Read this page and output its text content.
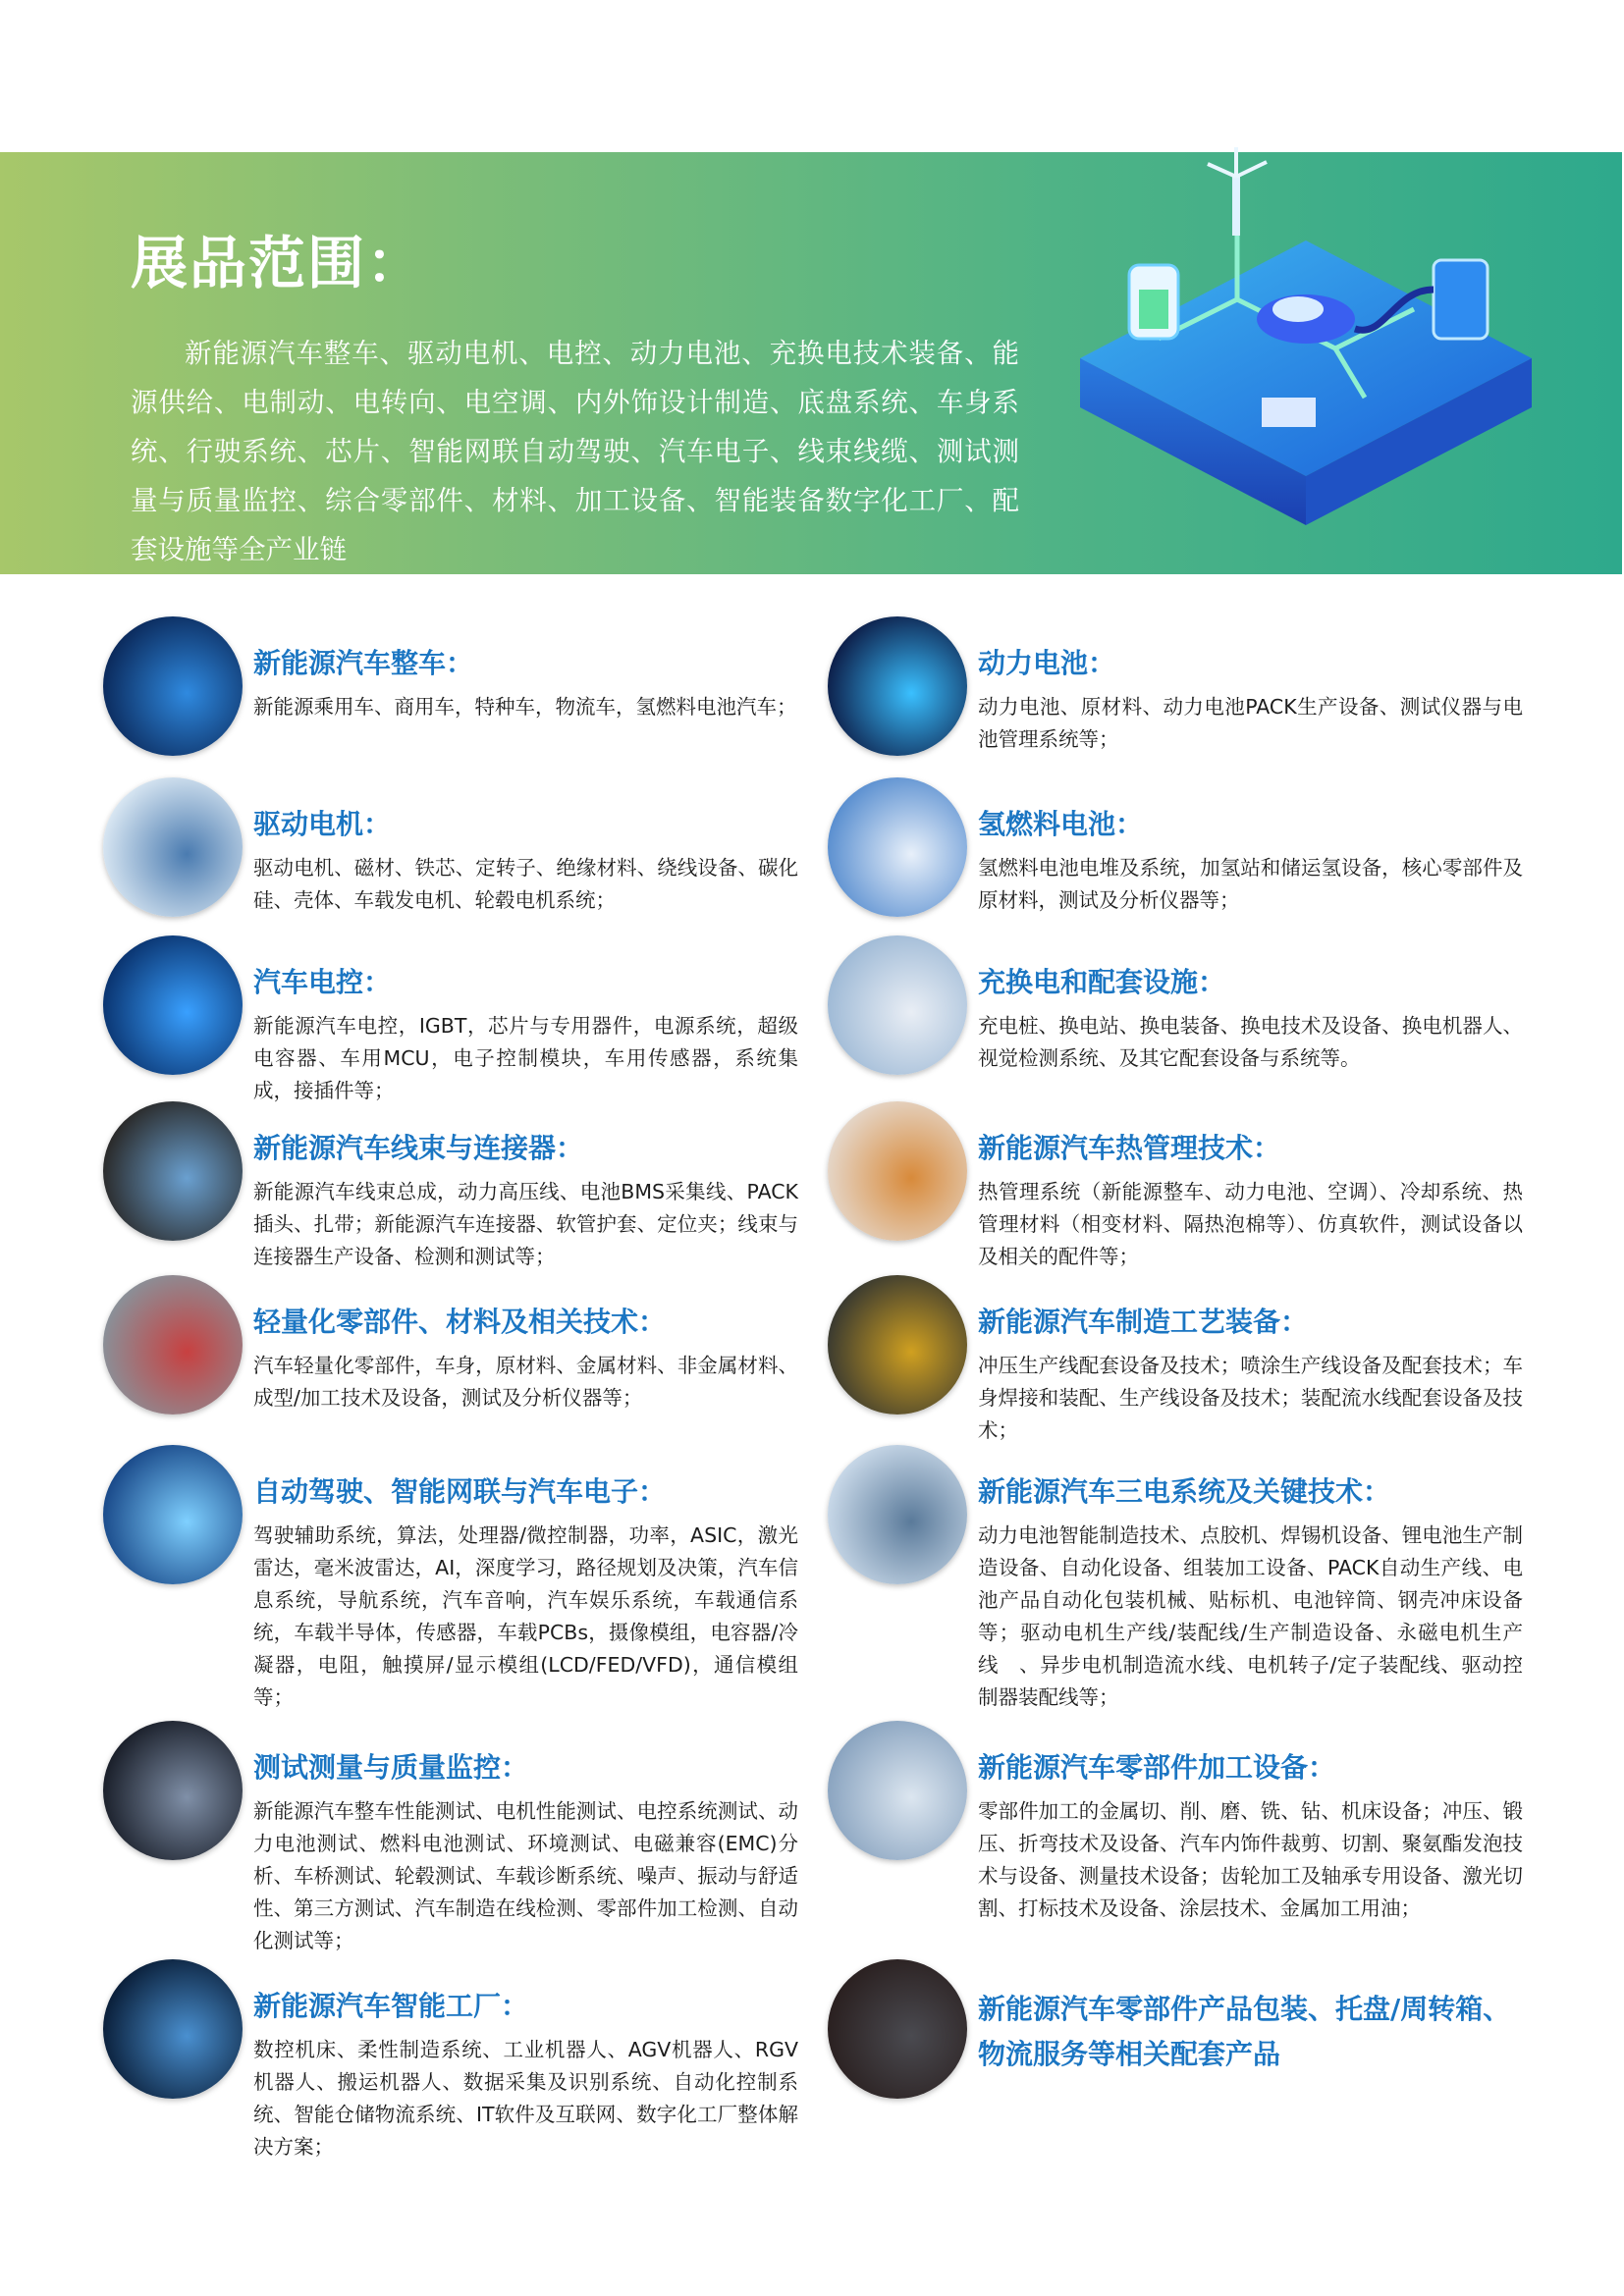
展品范围：
新能源汽车整车、驱动电机、电控、动力电池、充换电技术装备、能源供给、电制动、电转向、电空调、内外饰设计制造、底盘系统、车身系统、行驶系统、芯片、智能网联自动驾驶、汽车电子、线束线缆、测试测量与质量监控、综合零部件、材料、加工设备、智能装备数字化工厂、配套设施等全产业链
新能源汽车整车：

新能源乘用车、商用车，特种车，物流车，氢燃料电池汽车；

动力电池：

动力电池、原材料、动力电池PACK生产设备、测试仪器与电池管理系统等；

驱动电机：

驱动电机、磁材、铁芯、定转子、绝缘材料、绕线设备、碳化硅、壳体、车载发电机、轮毂电机系统；

氢燃料电池：

氢燃料电池电堆及系统，加氢站和储运氢设备，核心零部件及原材料，测试及分析仪器等；

汽车电控：

新能源汽车电控，IGBT，芯片与专用器件，电源系统，超级电容器、车用MCU，电子控制模块，车用传感器，系统集成，接插件等；

充换电和配套设施：

充电桩、换电站、换电装备、换电技术及设备、换电机器人、视觉检测系统、及其它配套设备与系统等。

新能源汽车线束与连接器：

新能源汽车线束总成，动力高压线、电池BMS采集线、PACK插头、扎带；新能源汽车连接器、软管护套、定位夹；线束与连接器生产设备、检测和测试等；

新能源汽车热管理技术：

热管理系统（新能源整车、动力电池、空调）、冷却系统、热管理材料（相变材料、隔热泡棉等）、仿真软件，测试设备以及相关的配件等；

轻量化零部件、材料及相关技术：

汽车轻量化零部件，车身，原材料、金属材料、非金属材料、成型/加工技术及设备，测试及分析仪器等；

新能源汽车制造工艺装备：

冲压生产线配套设备及技术；喷涂生产线设备及配套技术；车身焊接和装配、生产线设备及技术；装配流水线配套设备及技术；

自动驾驶、智能网联与汽车电子：

驾驶辅助系统，算法，处理器/微控制器，功率，ASIC，激光雷达，毫米波雷达，AI，深度学习，路径规划及决策，汽车信息系统，导航系统，汽车音响，汽车娱乐系统，车载通信系统，车载半导体，传感器，车载PCBs，摄像模组，电容器/冷凝器，电阻，触摸屏/显示模组(LCD/FED/VFD)，通信模组等；

新能源汽车三电系统及关键技术：

动力电池智能制造技术、点胶机、焊锡机设备、锂电池生产制造设备、自动化设备、组装加工设备、PACK自动生产线、电池产品自动化包装机械、贴标机、电池锌筒、钢壳冲床设备等；驱动电机生产线/装配线/生产制造设备、永磁电机生产线　、异步电机制造流水线、电机转子/定子装配线、驱动控制器装配线等；

测试测量与质量监控：

新能源汽车整车性能测试、电机性能测试、电控系统测试、动力电池测试、燃料电池测试、环境测试、电磁兼容(EMC)分析、车桥测试、轮毂测试、车载诊断系统、噪声、振动与舒适性、第三方测试、汽车制造在线检测、零部件加工检测、自动化测试等；

新能源汽车零部件加工设备：

零部件加工的金属切、削、磨、铣、钻、机床设备；冲压、锻压、折弯技术及设备、汽车内饰件裁剪、切割、聚氨酯发泡技术与设备、测量技术设备；齿轮加工及轴承专用设备、激光切割、打标技术及设备、涂层技术、金属加工用油；

新能源汽车智能工厂：

数控机床、柔性制造系统、工业机器人、AGV机器人、RGV机器人、搬运机器人、数据采集及识别系统、自动化控制系统、智能仓储物流系统、IT软件及互联网、数字化工厂整体解决方案；

新能源汽车零部件产品包装、托盘/周转箱、物流服务等相关配套产品
